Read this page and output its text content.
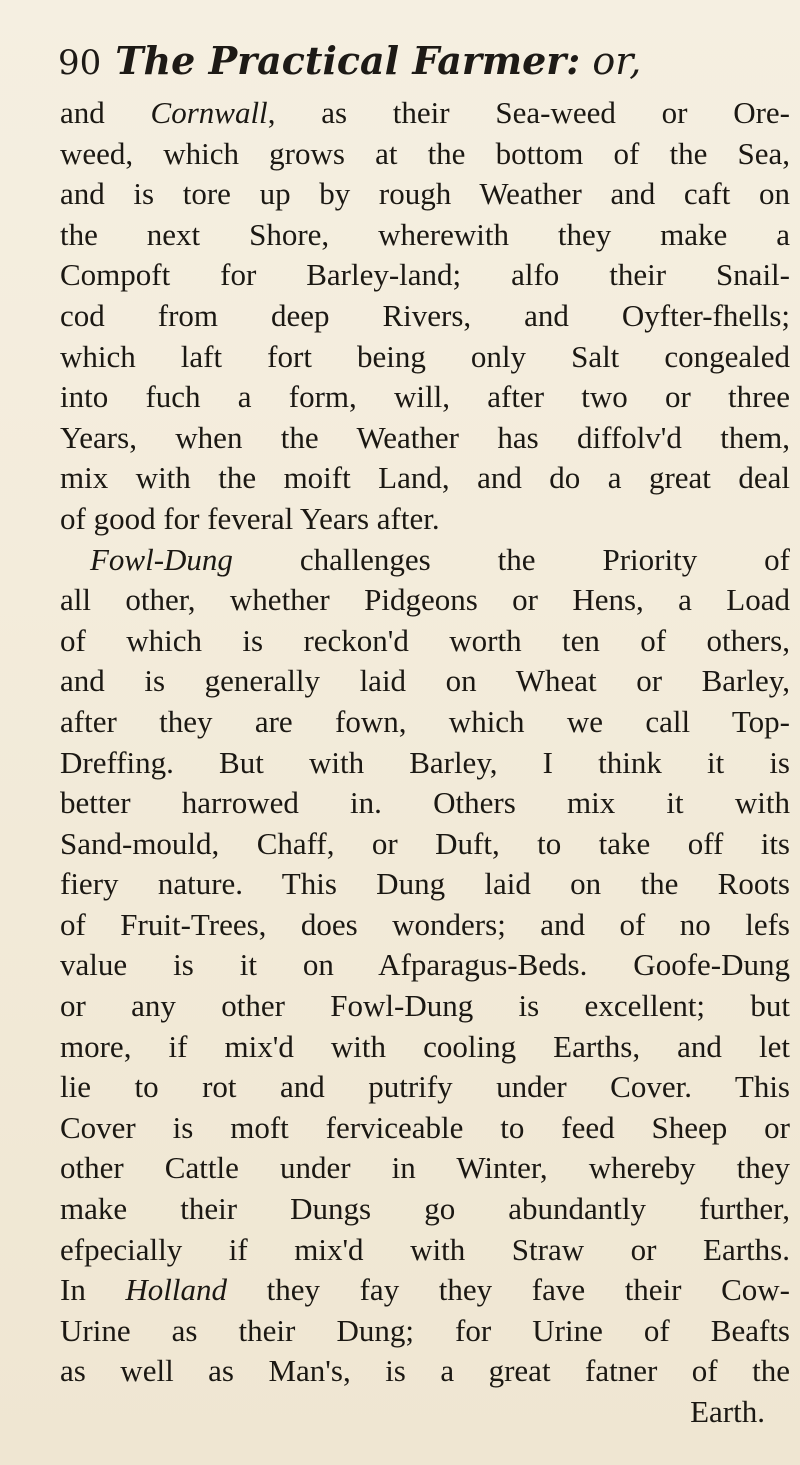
90 The Practical Farmer: or,
and Cornwall, as their Sea-weed or Ore-
weed, which grows at the bottom of the Sea,
and is tore up by rough Weather and caft on
the next Shore, wherewith they make a
Compoft for Barley-land; alfo their Snail-
cod from deep Rivers, and Oyfter-fhells;
which laft fort being only Salt congealed
into fuch a form, will, after two or three
Years, when the Weather has diffolv'd them,
mix with the moift Land, and do a great deal
of good for feveral Years after.
Fowl-Dung challenges the Priority of
all other, whether Pidgeons or Hens, a Load
of which is reckon'd worth ten of others,
and is generally laid on Wheat or Barley,
after they are fown, which we call Top-
Dreffing. But with Barley, I think it is
better harrowed in. Others mix it with
Sand-mould, Chaff, or Duft, to take off its
fiery nature. This Dung laid on the Roots
of Fruit-Trees, does wonders; and of no lefs
value is it on Afparagus-Beds. Goofe-Dung
or any other Fowl-Dung is excellent; but
more, if mix'd with cooling Earths, and let
lie to rot and putrify under Cover. This
Cover is moft ferviceable to feed Sheep or
other Cattle under in Winter, whereby they
make their Dungs go abundantly further,
efpecially if mix'd with Straw or Earths.
In Holland they fay they fave their Cow-
Urine as their Dung; for Urine of Beafts
as well as Man's, is a great fatner of the
Earth.
